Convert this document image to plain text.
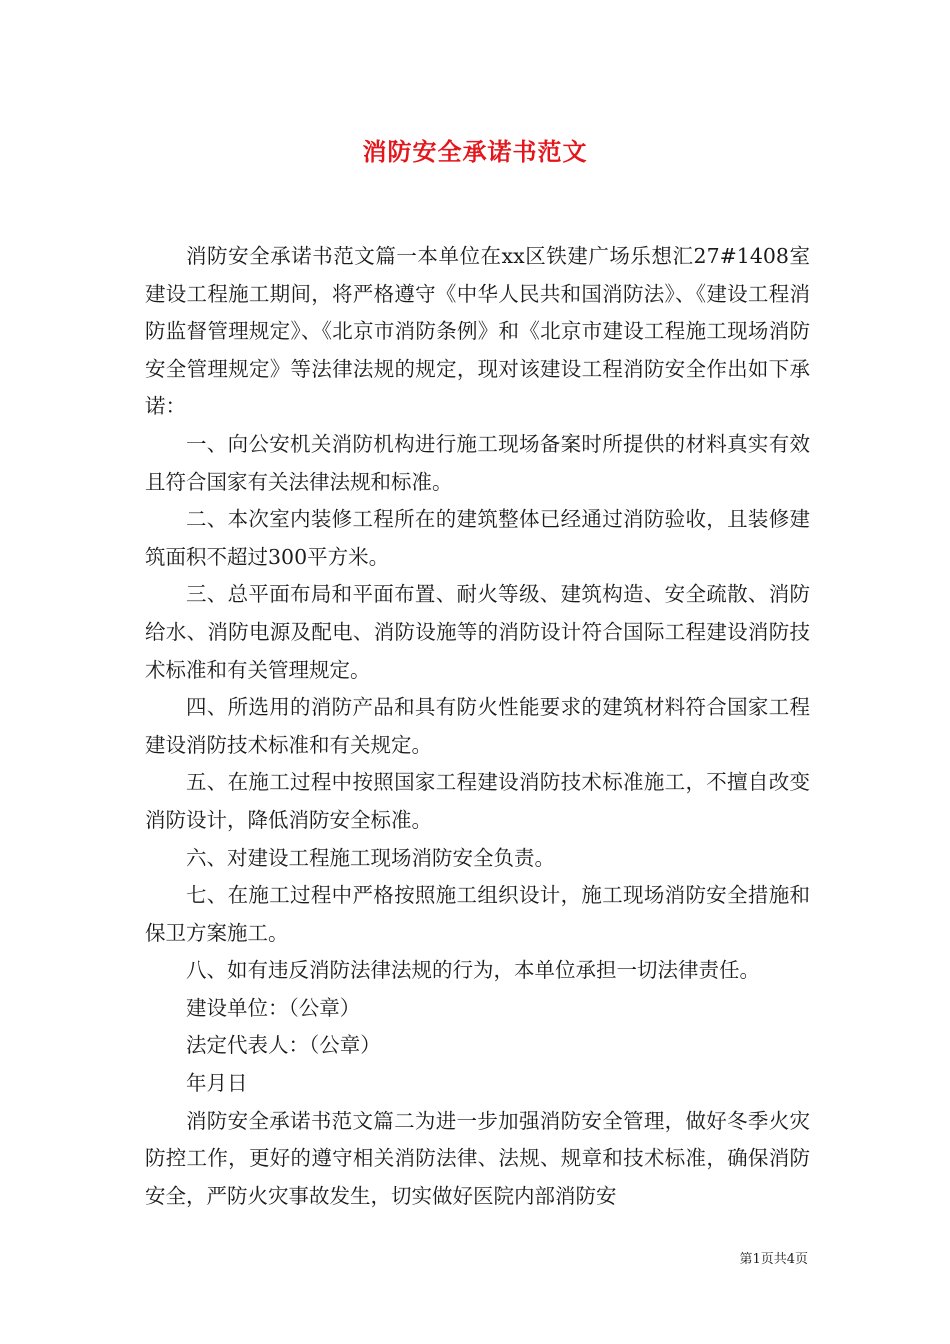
消防安全承诺书范文

消防安全承诺书范文篇一本单位在xx区铁建广场乐想汇27#1408室建设工程施工期间，将严格遵守《中华人民共和国消防法》、《建设工程消防监督管理规定》、《北京市消防条例》和《北京市建设工程施工现场消防安全管理规定》等法律法规的规定，现对该建设工程消防安全作出如下承诺：

一、向公安机关消防机构进行施工现场备案时所提供的材料真实有效且符合国家有关法律法规和标准。

二、本次室内装修工程所在的建筑整体已经通过消防验收，且装修建筑面积不超过300平方米。

三、总平面布局和平面布置、耐火等级、建筑构造、安全疏散、消防给水、消防电源及配电、消防设施等的消防设计符合国际工程建设消防技术标准和有关管理规定。

四、所选用的消防产品和具有防火性能要求的建筑材料符合国家工程建设消防技术标准和有关规定。

五、在施工过程中按照国家工程建设消防技术标准施工，不擅自改变消防设计，降低消防安全标准。

六、对建设工程施工现场消防安全负责。

七、在施工过程中严格按照施工组织设计，施工现场消防安全措施和保卫方案施工。

八、如有违反消防法律法规的行为，本单位承担一切法律责任。

建设单位：（公章）

法定代表人：（公章）

年月日

消防安全承诺书范文篇二为进一步加强消防安全管理，做好冬季火灾防控工作，更好的遵守相关消防法律、法规、规章和技术标准，确保消防安全，严防火灾事故发生，切实做好医院内部消防安

第1页共4页
